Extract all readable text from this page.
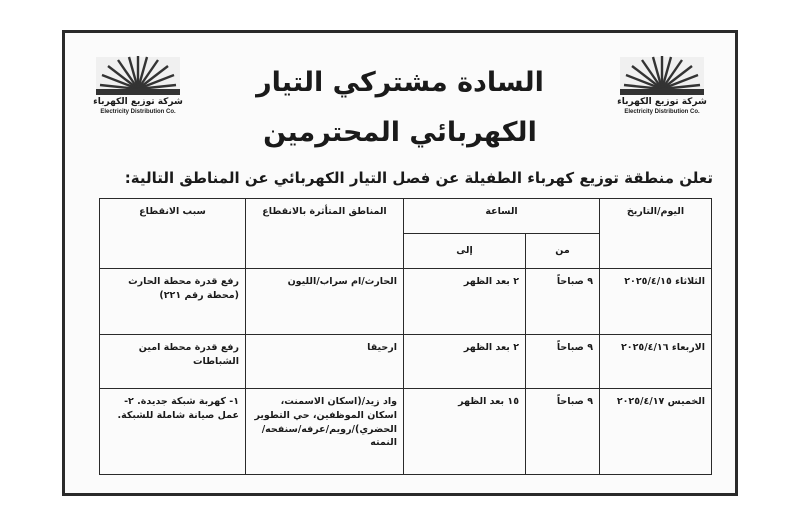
شركة توزيع الكهرباء
Electricity Distribution Co.
شركة توزيع الكهرباء
Electricity Distribution Co.
السادة مشتركي التيار
الكهربائي المحترمين
تعلن منطقة توزيع كهرباء الطفيلة عن فصل التيار الكهربائي عن المناطق التالية:
اليوم/التاريخ	الساعة		المناطق المتأثرة بالانقطاع	سبب الانقطاع
	من	إلى		
الثلاثاء ٢٠٢٥/٤/١٥	٩ صباحاً	٢ بعد الظهر	الحارث/ام سراب/الليون	رفع قدرة محطة الحارث (محطة رقم ٢٢١)
الاربعاء ٢٠٢٥/٤/١٦	٩ صباحاً	٢ بعد الظهر	ارحيقا	رفع قدرة محطة امين الشباطات
الخميس ٢٠٢٥/٤/١٧	٩ صباحاً	١٥ بعد الظهر	واد زيد/(اسكان الاسمنت، اسكان الموظفين، حي التطوير الحضري)/رويم/عرفه/سنفحه/النمته	١- كهربة شبكة جديدة. ٢- عمل صيانة شاملة للشبكة.
